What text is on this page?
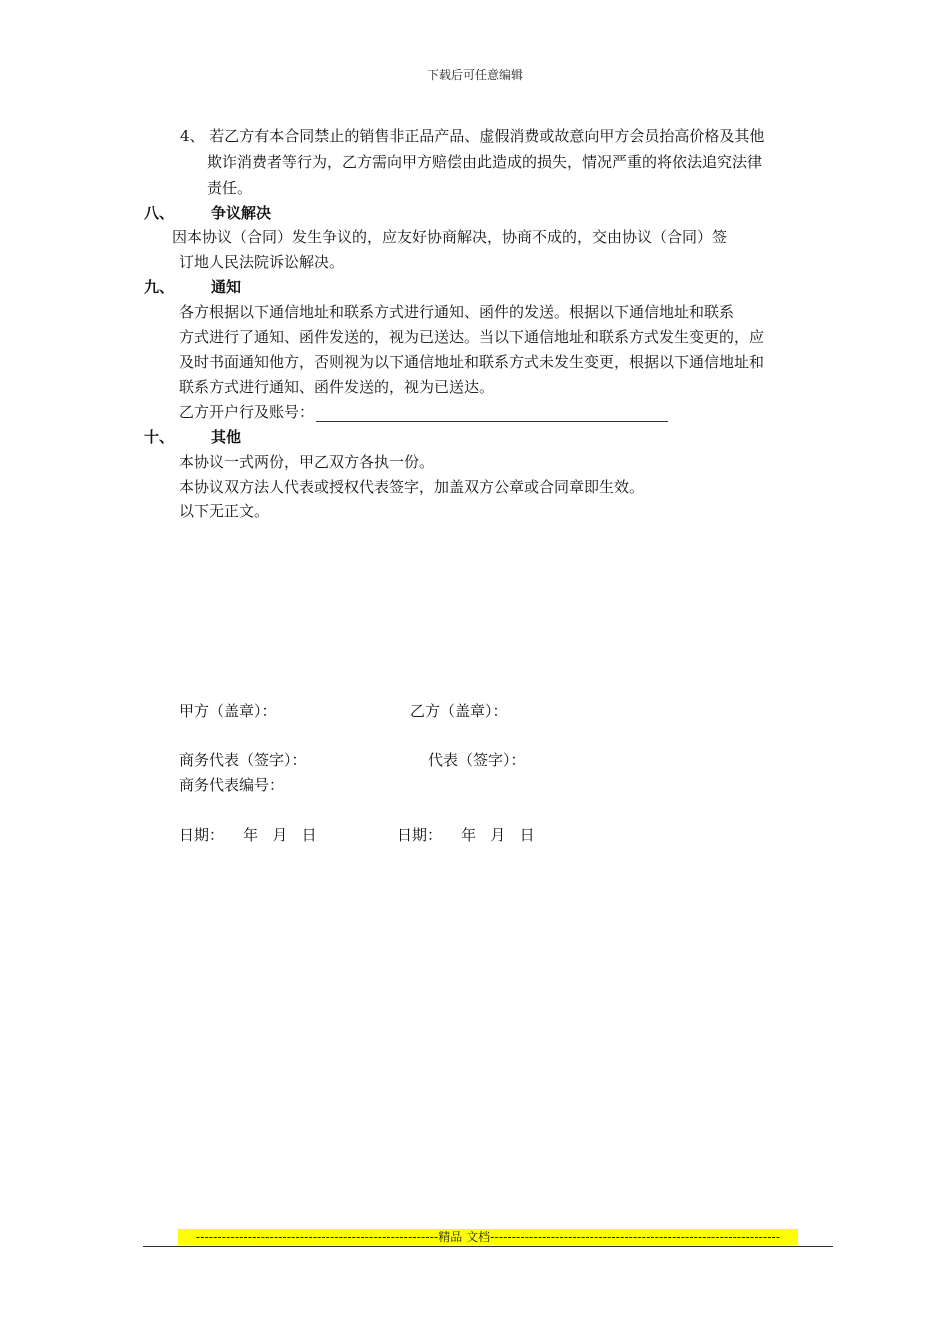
下载后可任意编辑
4、 若乙方有本合同禁止的销售非正品产品、虚假消费或故意向甲方会员抬高价格及其他
欺诈消费者等行为，乙方需向甲方赔偿由此造成的损失，情况严重的将依法追究法律
责任。
八、 争议解决
因本协议（合同）发生争议的，应友好协商解决，协商不成的，交由协议（合同）签
订地人民法院诉讼解决。
九、 通知
各方根据以下通信地址和联系方式进行通知、函件的发送。根据以下通信地址和联系
方式进行了通知、函件发送的，视为已送达。当以下通信地址和联系方式发生变更的，应
及时书面通知他方，否则视为以下通信地址和联系方式未发生变更，根据以下通信地址和
联系方式进行通知、函件发送的，视为已送达。
乙方开户行及账号：
十、 其他
本协议一式两份，甲乙双方各执一份。
本协议双方法人代表或授权代表签字，加盖双方公章或合同章即生效。
以下无正文。
甲方（盖章）：	乙方（盖章）：
商务代表（签字）：	代表（签字）：
商务代表编号：
日期：    年   月   日	日期：    年   月   日
--------------------------------------------------------精品 文档-------------------------------------------------------------------
